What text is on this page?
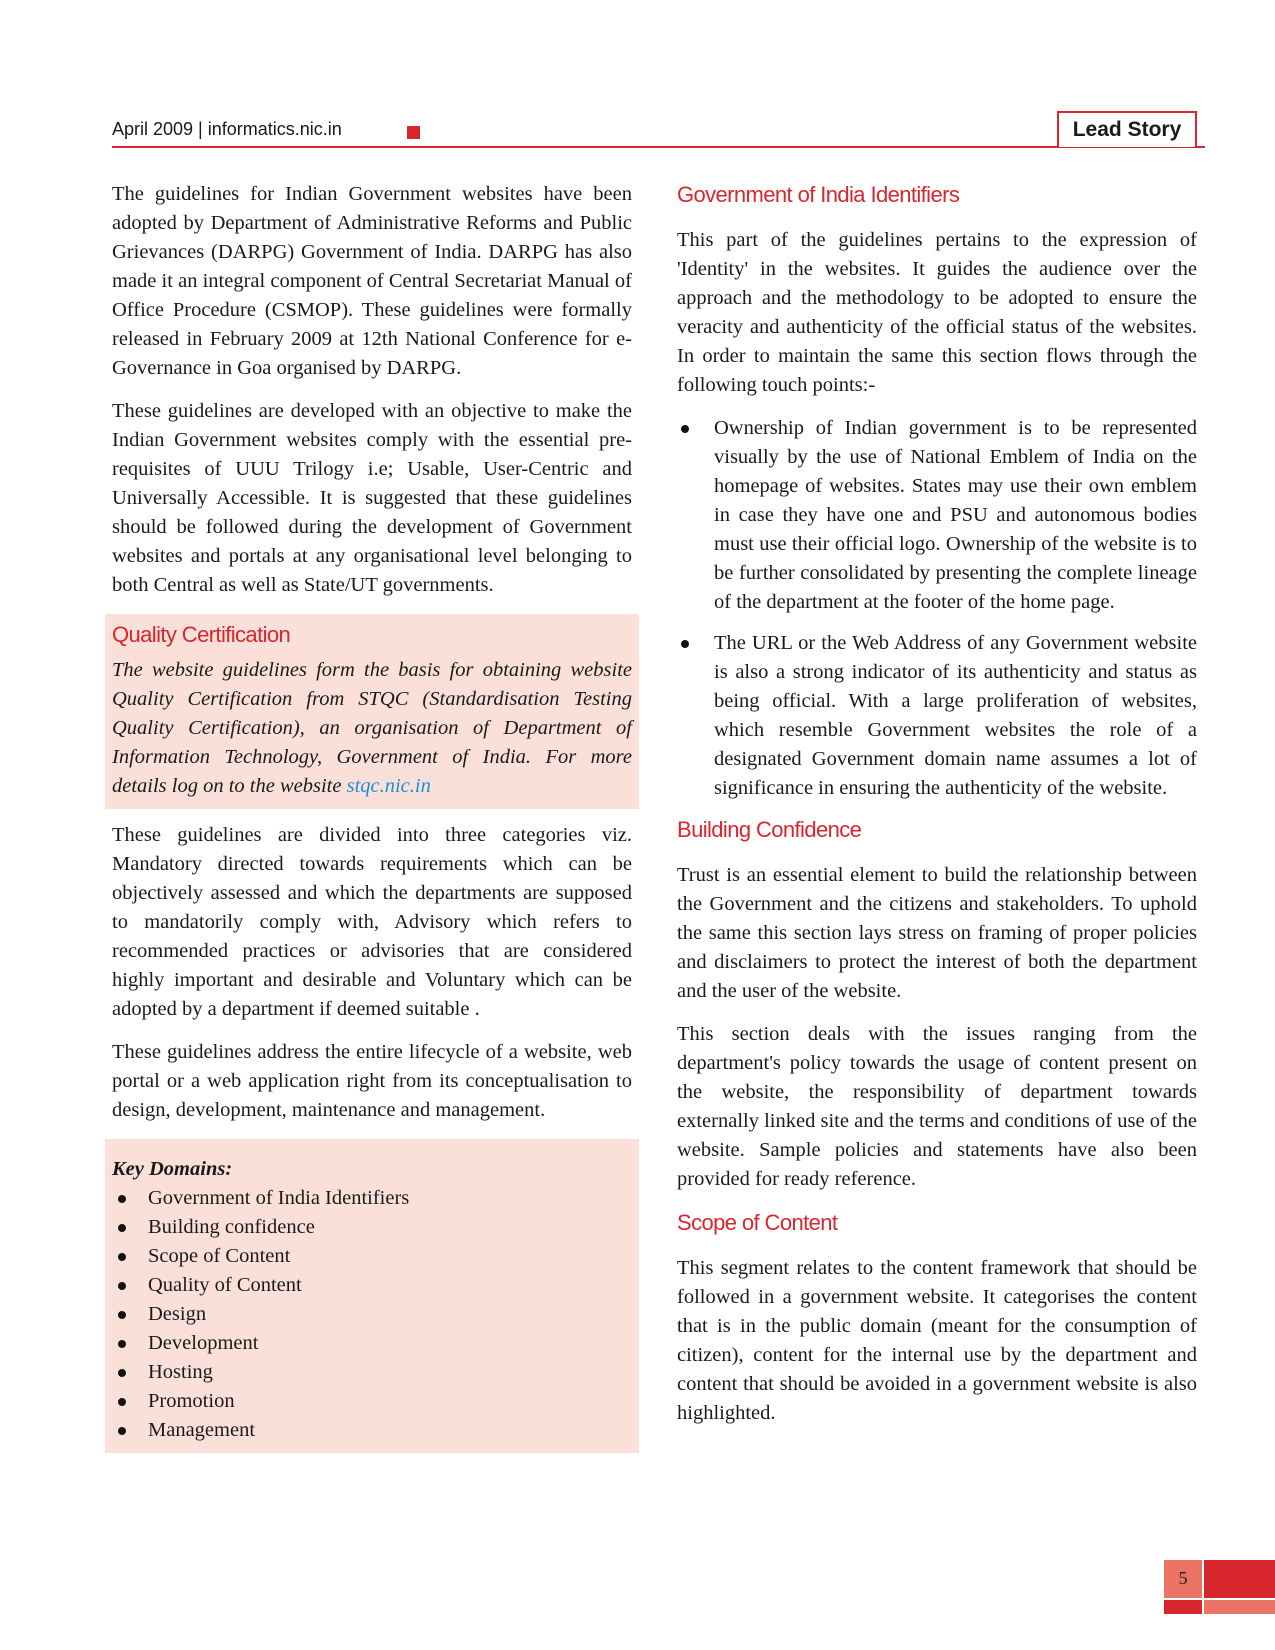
April 2009 | informatics.nic.in	Lead Story

The guidelines for Indian Government websites have been adopted by Department of Administrative Reforms and Public Grievances (DARPG) Government of India. DARPG has also made it an integral component of Central Secretariat Manual of Office Procedure (CSMOP). These guidelines were formally released in February 2009 at 12th National Conference for e-Governance in Goa organised by DARPG.

These guidelines are developed with an objective to make the Indian Government websites comply with the essential pre-requisites of UUU Trilogy i.e; Usable, User-Centric and Universally Accessible. It is suggested that these guidelines should be followed during the development of Government websites and portals at any organisational level belonging to both Central as well as State/UT governments.

Quality Certification

The website guidelines form the basis for obtaining website Quality Certification from STQC (Standardisation Testing Quality Certification), an organisation of Department of Information Technology, Government of India. For more details log on to the website stqc.nic.in

These guidelines are divided into three categories viz. Mandatory directed towards requirements which can be objectively assessed and which the departments are supposed to mandatorily comply with, Advisory which refers to recommended practices or advisories that are considered highly important and desirable and Voluntary which can be adopted by a department if deemed suitable .

These guidelines address the entire lifecycle of a website, web portal or a web application right from its conceptualisation to design, development, maintenance and management.

Key Domains:
Government of India Identifiers
Building confidence
Scope of Content
Quality of Content
Design
Development
Hosting
Promotion
Management
Government of India Identifiers

This part of the guidelines pertains to the expression of 'Identity' in the websites. It guides the audience over the approach and the methodology to be adopted to ensure the veracity and authenticity of the official status of the websites. In order to maintain the same this section flows through the following touch points:-

Ownership of Indian government is to be represented visually by the use of National Emblem of India on the homepage of websites. States may use their own emblem in case they have one and PSU and autonomous bodies must use their official logo. Ownership of the website is to be further consolidated by presenting the complete lineage of the department at the footer of the home page.
The URL or the Web Address of any Government website is also a strong indicator of its authenticity and status as being official. With a large proliferation of websites, which resemble Government websites the role of a designated Government domain name assumes a lot of significance in ensuring the authenticity of the website.
Building Confidence

Trust is an essential element to build the relationship between the Government and the citizens and stakeholders. To uphold the same this section lays stress on framing of proper policies and disclaimers to protect the interest of both the department and the user of the website.

This section deals with the issues ranging from the department's policy towards the usage of content present on the website, the responsibility of department towards externally linked site and the terms and conditions of use of the website. Sample policies and statements have also been provided for ready reference.

Scope of Content

This segment relates to the content framework that should be followed in a government website. It categorises the content that is in the public domain (meant for the consumption of citizen), content for the internal use by the department and content that should be avoided in a government website is also highlighted.

5
